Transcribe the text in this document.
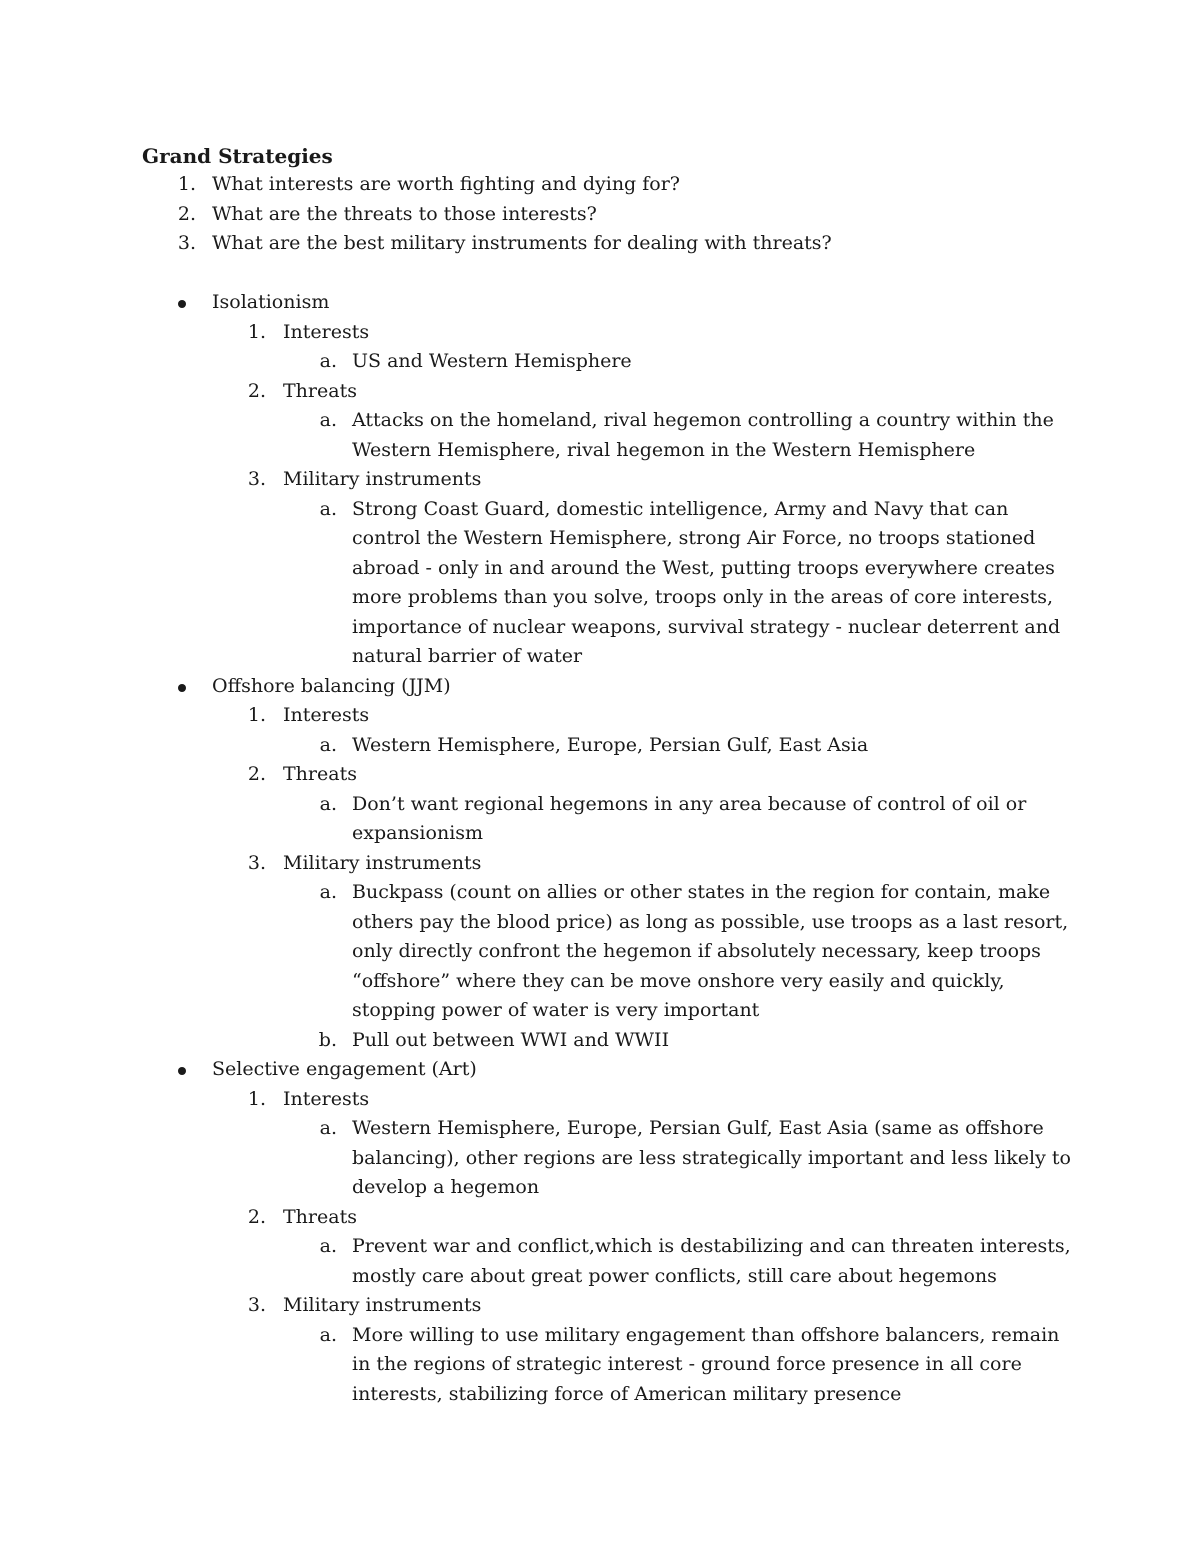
Grand Strategies
1. What interests are worth fighting and dying for?
2. What are the threats to those interests?
3. What are the best military instruments for dealing with threats?
Isolationism
1. Interests
a. US and Western Hemisphere
2. Threats
a. Attacks on the homeland, rival hegemon controlling a country within the
Western Hemisphere, rival hegemon in the Western Hemisphere
3. Military instruments
a. Strong Coast Guard, domestic intelligence, Army and Navy that can
control the Western Hemisphere, strong Air Force, no troops stationed
abroad - only in and around the West, putting troops everywhere creates
more problems than you solve, troops only in the areas of core interests,
importance of nuclear weapons, survival strategy - nuclear deterrent and
natural barrier of water
Offshore balancing (JJM)
1. Interests
a. Western Hemisphere, Europe, Persian Gulf, East Asia
2. Threats
a. Don’t want regional hegemons in any area because of control of oil or
expansionism
3. Military instruments
a. Buckpass (count on allies or other states in the region for contain, make
others pay the blood price) as long as possible, use troops as a last resort,
only directly confront the hegemon if absolutely necessary, keep troops
“offshore” where they can be move onshore very easily and quickly,
stopping power of water is very important
b. Pull out between WWI and WWII
Selective engagement (Art)
1. Interests
a. Western Hemisphere, Europe, Persian Gulf, East Asia (same as offshore
balancing), other regions are less strategically important and less likely to
develop a hegemon
2. Threats
a. Prevent war and conflict,which is destabilizing and can threaten interests,
mostly care about great power conflicts, still care about hegemons
3. Military instruments
a. More willing to use military engagement than offshore balancers, remain
in the regions of strategic interest - ground force presence in all core
interests, stabilizing force of American military presence
